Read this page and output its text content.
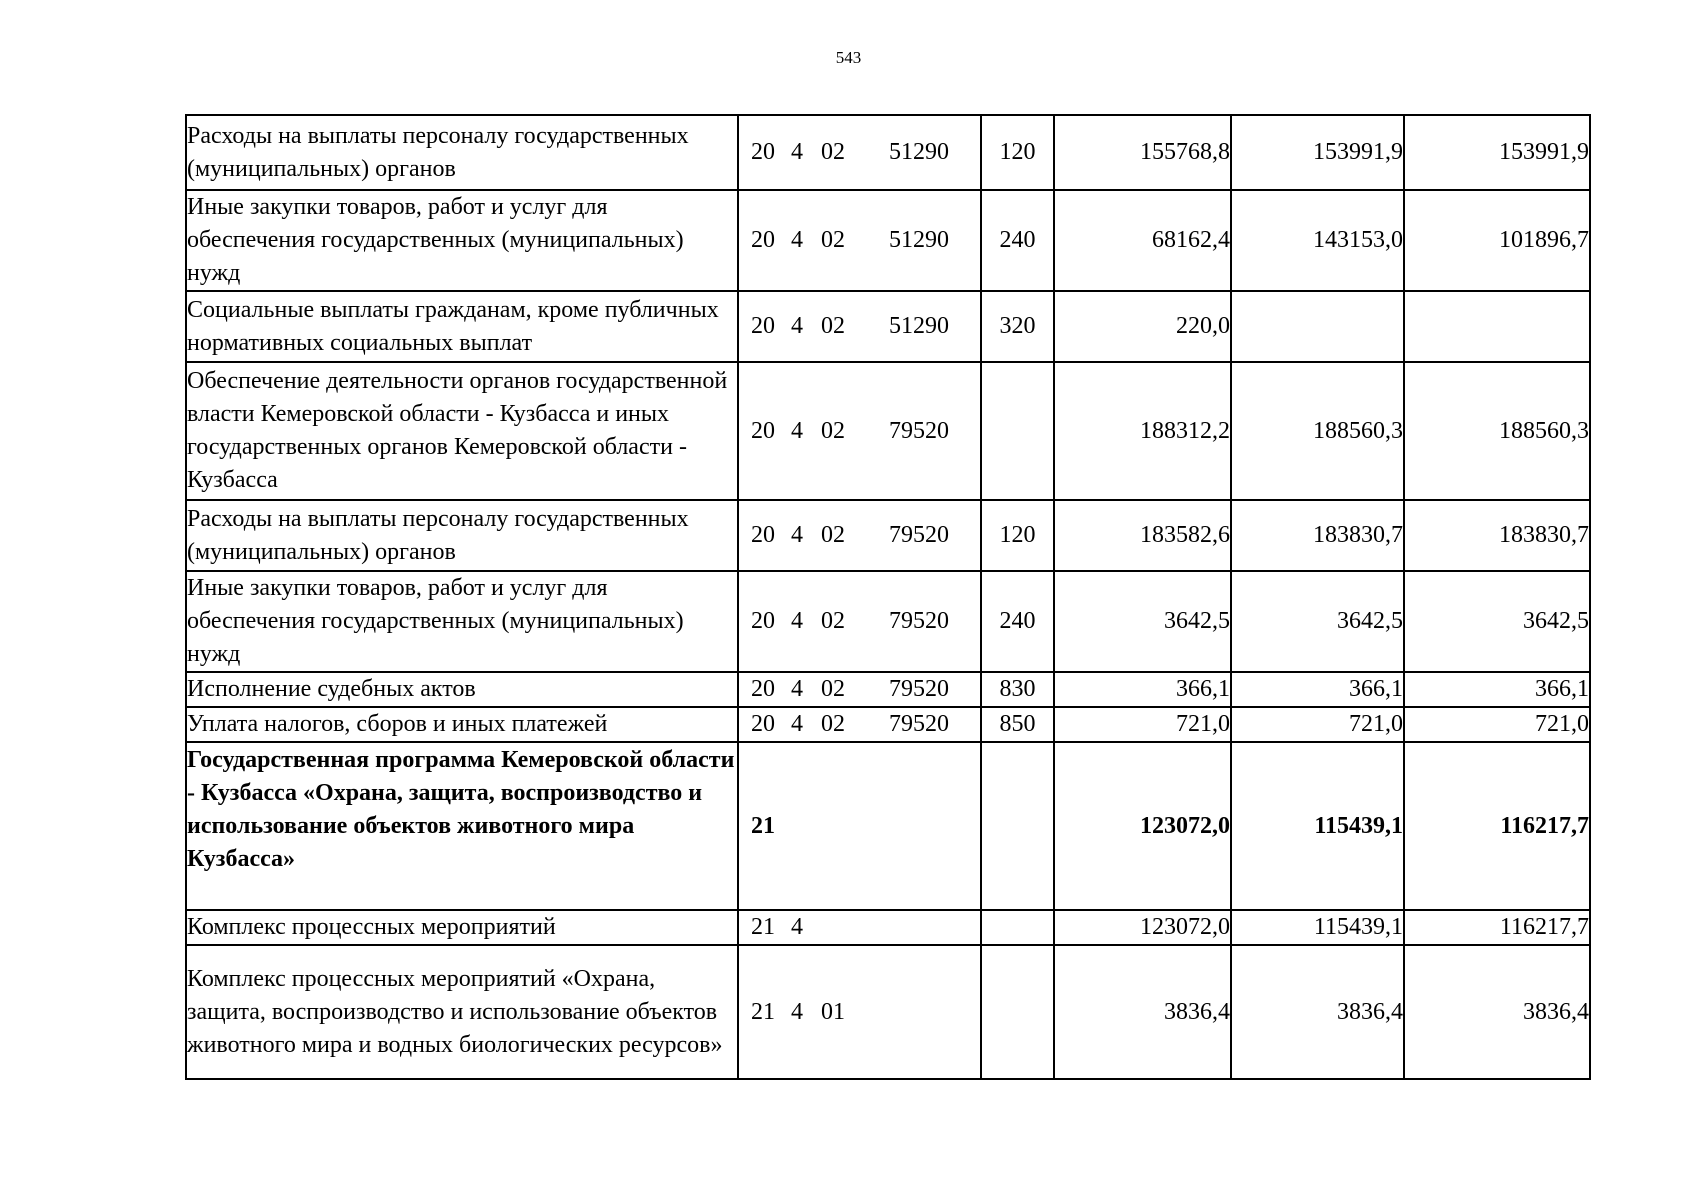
543
Расходы на выплаты персоналу государственных (муниципальных) органов	20 4 02 51290	120	155768,8	153991,9	153991,9
Иные закупки товаров, работ и услуг для обеспечения государственных (муниципальных) нужд	20 4 02 51290	240	68162,4	143153,0	101896,7
Социальные выплаты гражданам, кроме публичных нормативных социальных выплат	20 4 02 51290	320	220,0		
Обеспечение деятельности органов государственной власти Кемеровской области - Кузбасса и иных государственных органов Кемеровской области - Кузбасса	20 4 02 79520		188312,2	188560,3	188560,3
Расходы на выплаты персоналу государственных (муниципальных) органов	20 4 02 79520	120	183582,6	183830,7	183830,7
Иные закупки товаров, работ и услуг для обеспечения государственных (муниципальных) нужд	20 4 02 79520	240	3642,5	3642,5	3642,5
Исполнение судебных актов	20 4 02 79520	830	366,1	366,1	366,1
Уплата налогов, сборов и иных платежей	20 4 02 79520	850	721,0	721,0	721,0
Государственная программа Кемеровской области - Кузбасса «Охрана, защита, воспроизводство и использование объектов животного мира Кузбасса»	21		123072,0	115439,1	116217,7
Комплекс процессных мероприятий	21 4		123072,0	115439,1	116217,7
Комплекс процессных мероприятий «Охрана, защита, воспроизводство и использование объектов животного мира и водных биологических ресурсов»	21 4 01		3836,4	3836,4	3836,4
